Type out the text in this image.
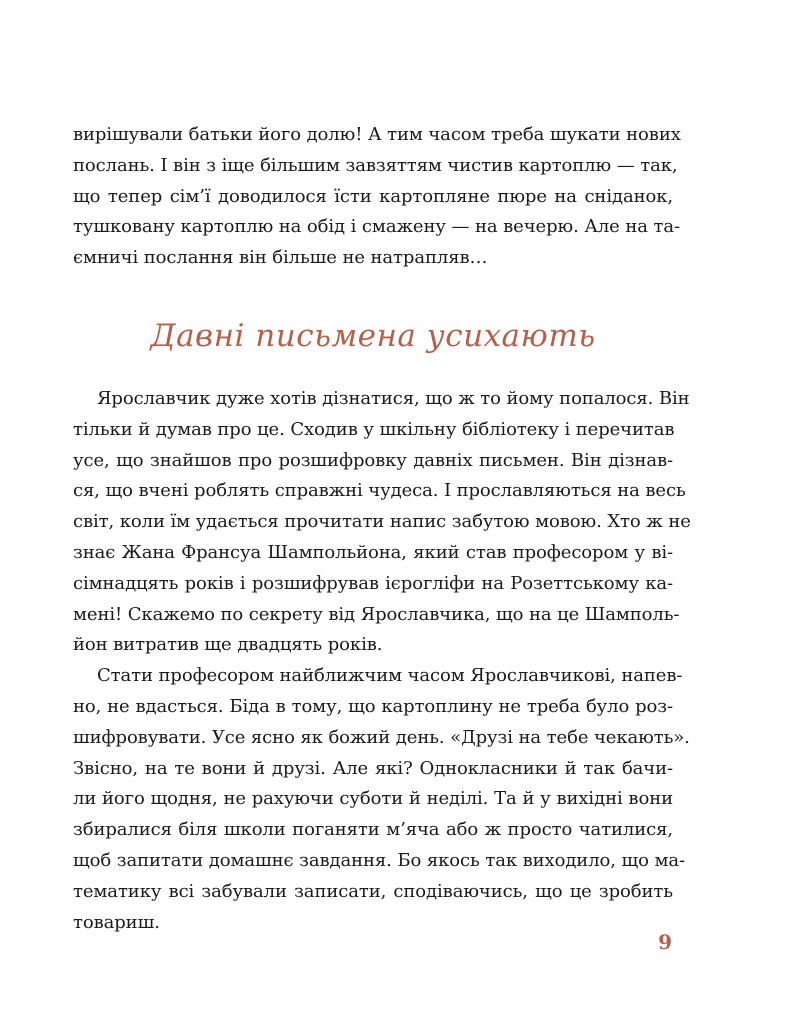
вирішували батьки його долю! А тим часом треба шукати нових
послань. І він з іще більшим завзяттям чистив картоплю — так,
що тепер сім’ї доводилося їсти картопляне пюре на сніданок,
тушковану картоплю на обід і смажену — на вечерю. Але на та-
ємничі послання він більше не натрапляв…
Давні письмена усихають
Ярославчик дуже хотів дізнатися, що ж то йому попалося. Він
тільки й думав про це. Сходив у шкільну бібліотеку і перечитав
усе, що знайшов про розшифровку давніх письмен. Він дізнав-
ся, що вчені роблять справжні чудеса. І прославляються на весь
світ, коли їм удається прочитати напис забутою мовою. Хто ж не
знає Жана Франсуа Шампольйона, який став професором у ві-
сімнадцять років і розшифрував ієрогліфи на Розеттському ка-
мені! Скажемо по секрету від Ярославчика, що на це Шамполь-
йон витратив ще двадцять років.
Стати професором найближчим часом Ярославчикові, напев-
но, не вдасться. Біда в тому, що картоплину не треба було роз-
шифровувати. Усе ясно як божий день. «Друзі на тебе чекають».
Звісно, на те вони й друзі. Але які? Однокласники й так бачи-
ли його щодня, не рахуючи суботи й неділі. Та й у вихідні вони
збиралися біля школи поганяти м’яча або ж просто чатилися,
щоб запитати домашнє завдання. Бо якось так виходило, що ма-
тематику всі забували записати, сподіваючись, що це зробить
товариш.
9
